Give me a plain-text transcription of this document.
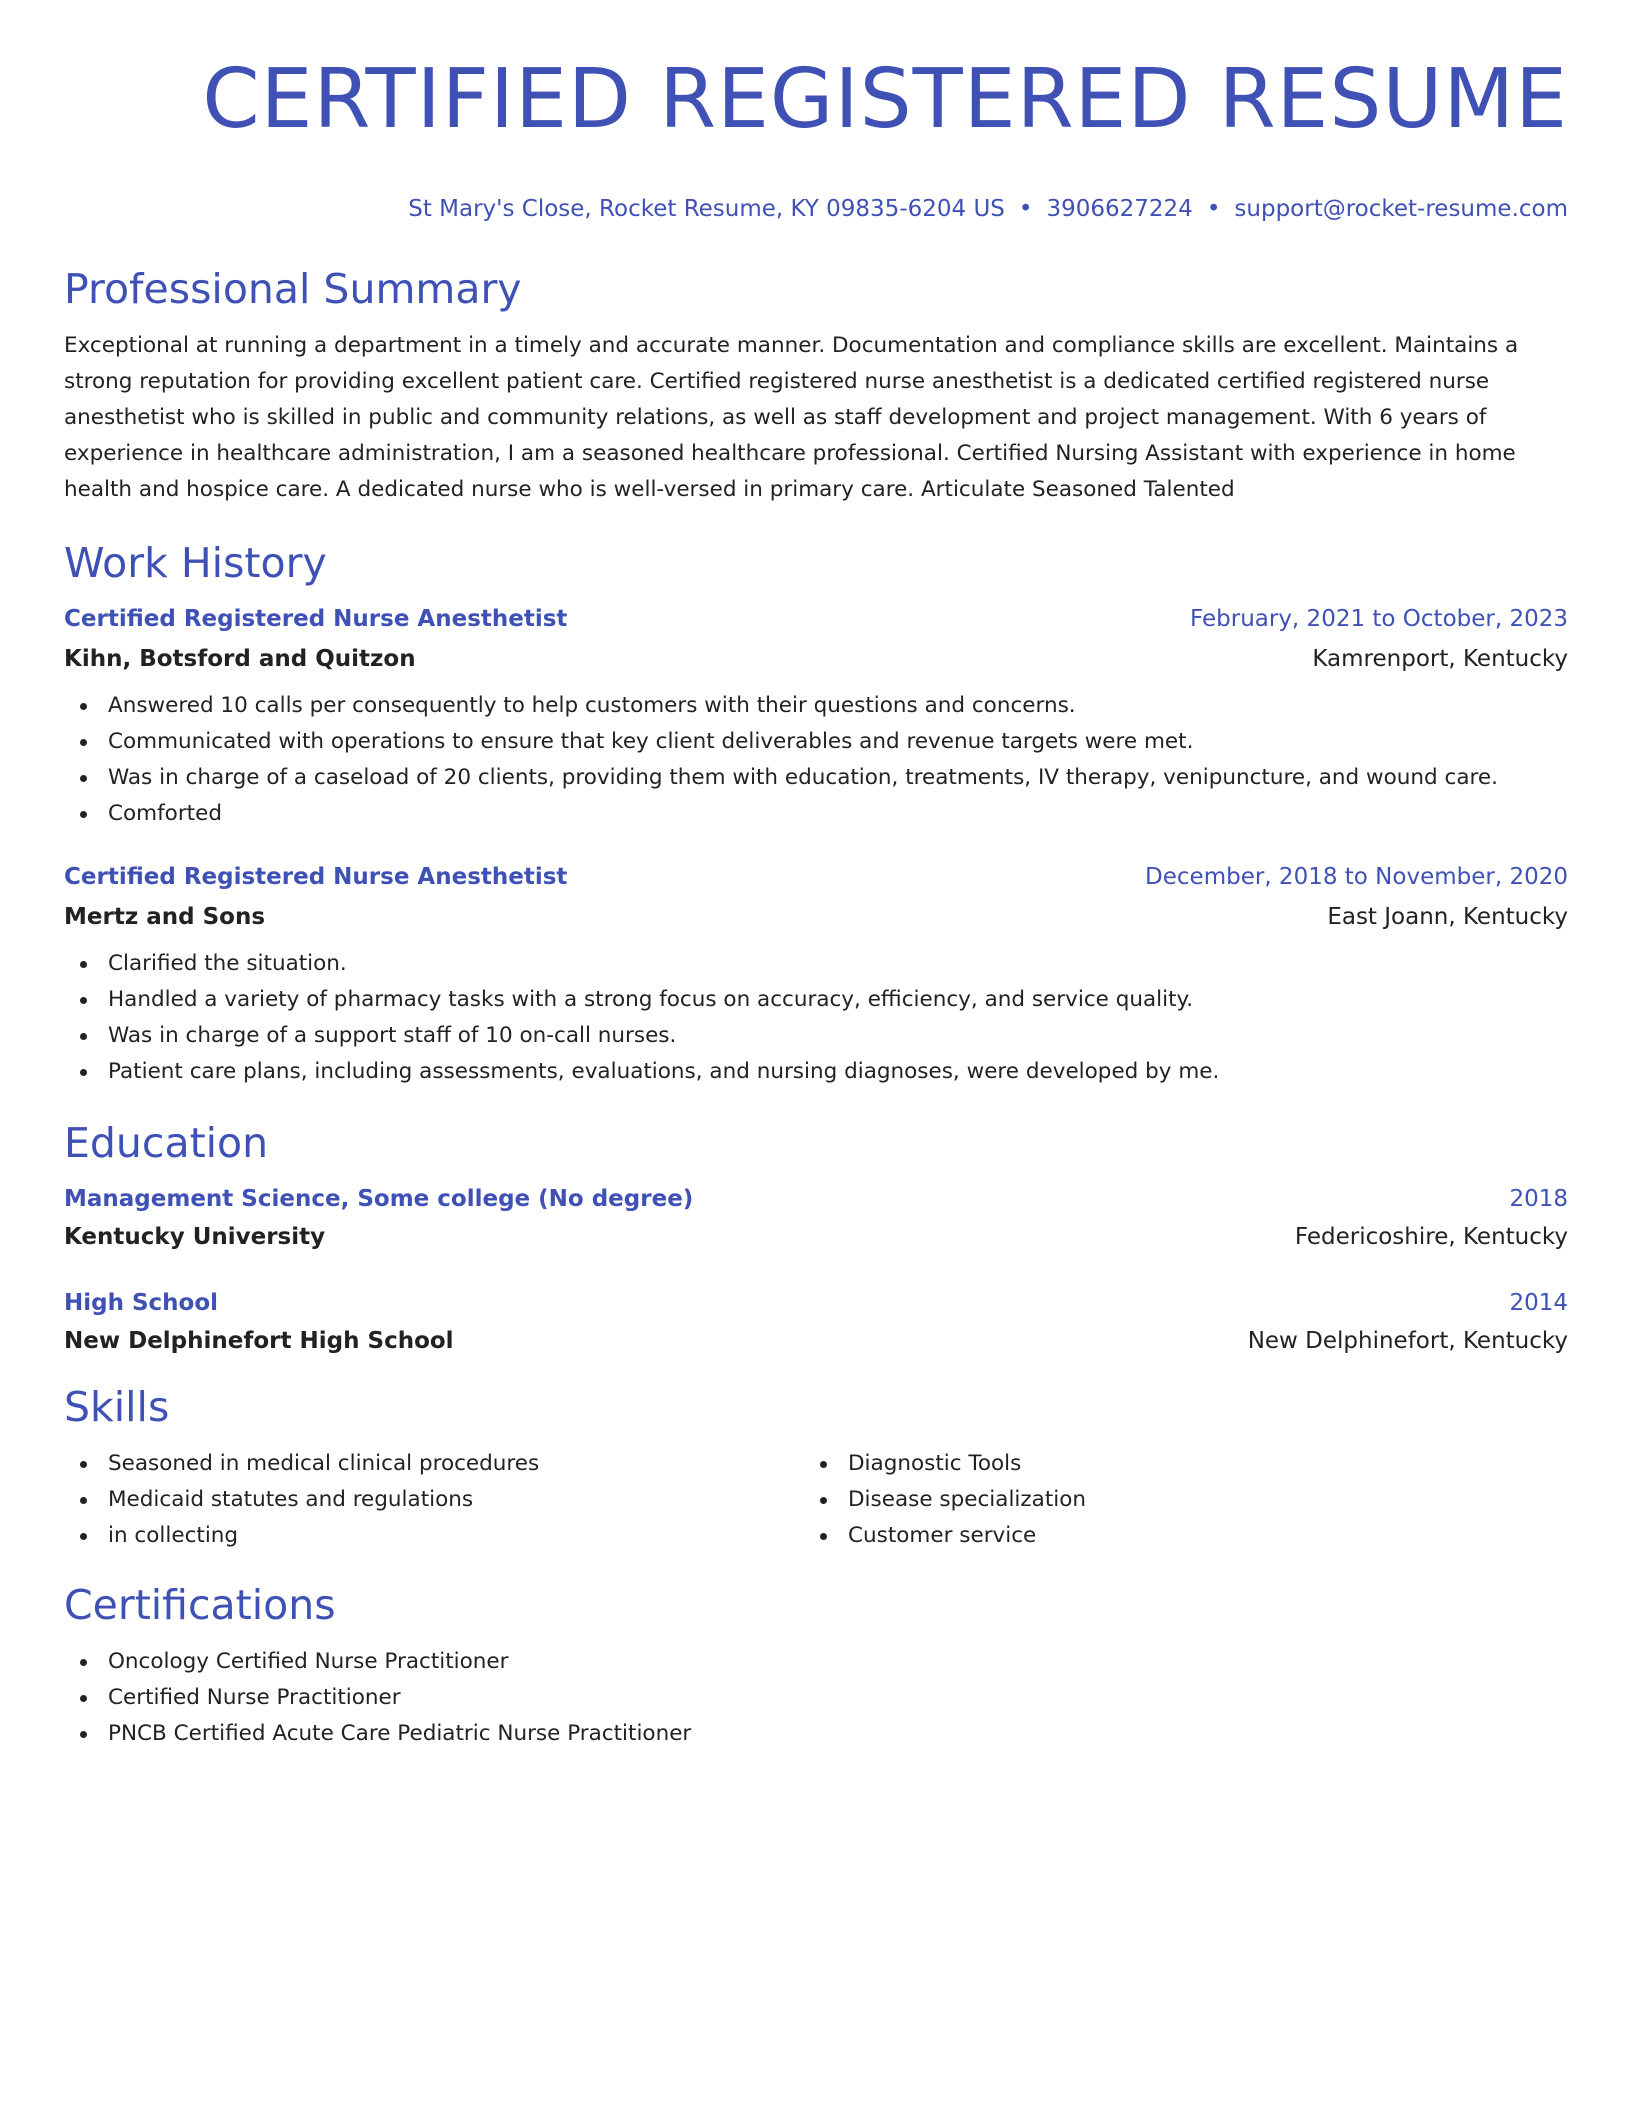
CERTIFIED REGISTERED RESUME
St Mary's Close, Rocket Resume, KY 09835-6204 US • 3906627224 • support@rocket-resume.com
Professional Summary

Exceptional at running a department in a timely and accurate manner. Documentation and compliance skills are excellent. Maintains a strong reputation for providing excellent patient care. Certified registered nurse anesthetist is a dedicated certified registered nurse anesthetist who is skilled in public and community relations, as well as staff development and project management. With 6 years of experience in healthcare administration, I am a seasoned healthcare professional. Certified Nursing Assistant with experience in home health and hospice care. A dedicated nurse who is well-versed in primary care. Articulate Seasoned Talented

Work History
Certified Registered Nurse Anesthetist	February, 2021 to October, 2023
Kihn, Botsford and Quitzon	Kamrenport, Kentucky
Answered 10 calls per consequently to help customers with their questions and concerns.
Communicated with operations to ensure that key client deliverables and revenue targets were met.
Was in charge of a caseload of 20 clients, providing them with education, treatments, IV therapy, venipuncture, and wound care.
Comforted
Certified Registered Nurse Anesthetist	December, 2018 to November, 2020
Mertz and Sons	East Joann, Kentucky
Clarified the situation.
Handled a variety of pharmacy tasks with a strong focus on accuracy, efficiency, and service quality.
Was in charge of a support staff of 10 on-call nurses.
Patient care plans, including assessments, evaluations, and nursing diagnoses, were developed by me.
Education
Management Science, Some college (No degree)	2018
Kentucky University	Federicoshire, Kentucky
High School	2014
New Delphinefort High School	New Delphinefort, Kentucky
Skills
Seasoned in medical clinical procedures
Medicaid statutes and regulations
in collecting
Diagnostic Tools
Disease specialization
Customer service
Certifications
Oncology Certified Nurse Practitioner
Certified Nurse Practitioner
PNCB Certified Acute Care Pediatric Nurse Practitioner
